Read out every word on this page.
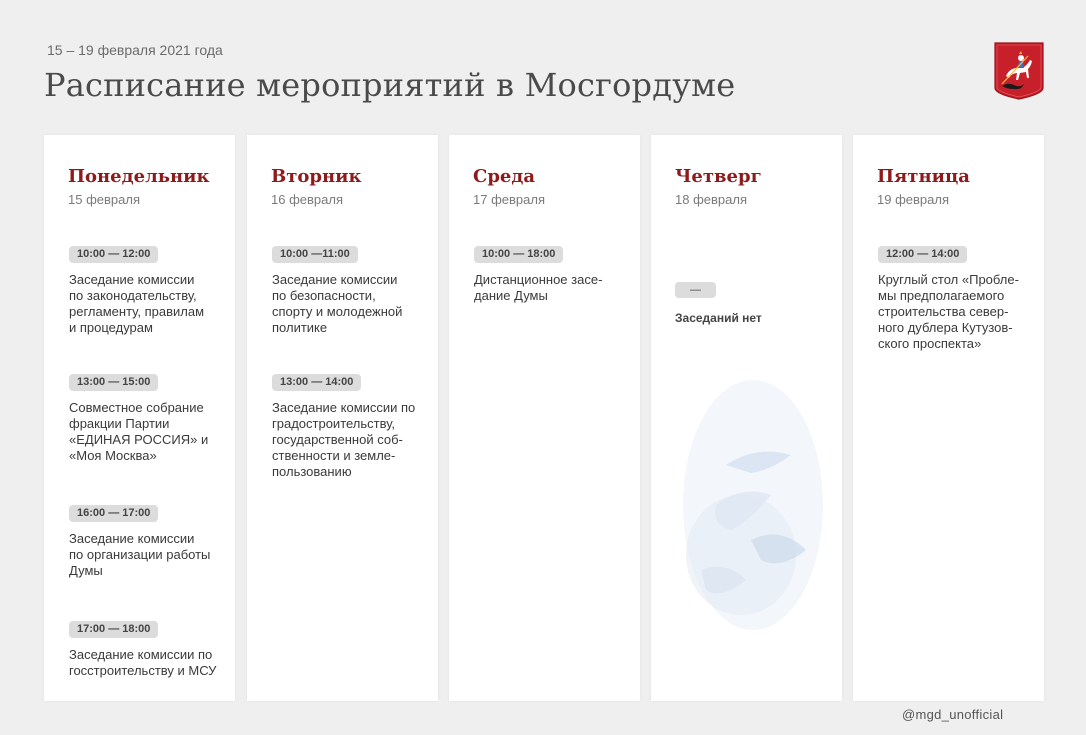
15 – 19 февраля 2021 года
Расписание мероприятий в Мосгордуме
Понедельник
15 февраля
10:00 — 12:00
Заседание комиссии
по законодательству,
регламенту, правилам
и процедурам
13:00 — 15:00
Совместное собрание
фракции Партии
«ЕДИНАЯ РОССИЯ» и
«Моя Москва»
16:00 — 17:00
Заседание комиссии
по организации работы
Думы
17:00 — 18:00
Заседание комиссии по
госстроительству и МСУ
Вторник
16 февраля
10:00 —11:00
Заседание комиссии
по безопасности,
спорту и молодежной
политике
13:00 — 14:00
Заседание комиссии по
градостроительству,
государственной соб-
ственности и земле-
пользованию
Среда
17 февраля
10:00 — 18:00
Дистанционное засе-
дание Думы
Четверг
18 февраля
—
Заседаний нет
Пятница
19 февраля
12:00 — 14:00
Круглый стол «Пробле-
мы предполагаемого
строительства север-
ного дублера Кутузов-
ского проспекта»
@mgd_unofficial
